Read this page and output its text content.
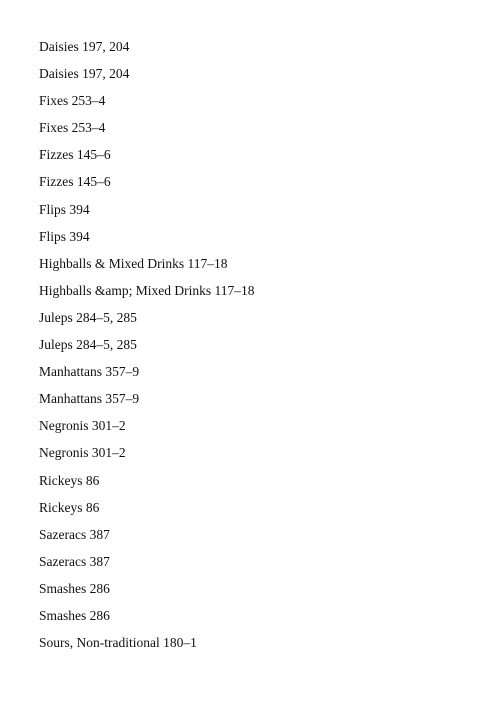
Daisies 197, 204
Daisies 197, 204
Fixes 253–4
Fixes 253–4
Fizzes 145–6
Fizzes 145–6
Flips 394
Flips 394
Highballs & Mixed Drinks 117–18
Highballs &amp; Mixed Drinks 117–18
Juleps 284–5, 285
Juleps 284–5, 285
Manhattans 357–9
Manhattans 357–9
Negronis 301–2
Negronis 301–2
Rickeys 86
Rickeys 86
Sazeracs 387
Sazeracs 387
Smashes 286
Smashes 286
Sours, Non-traditional 180–1
